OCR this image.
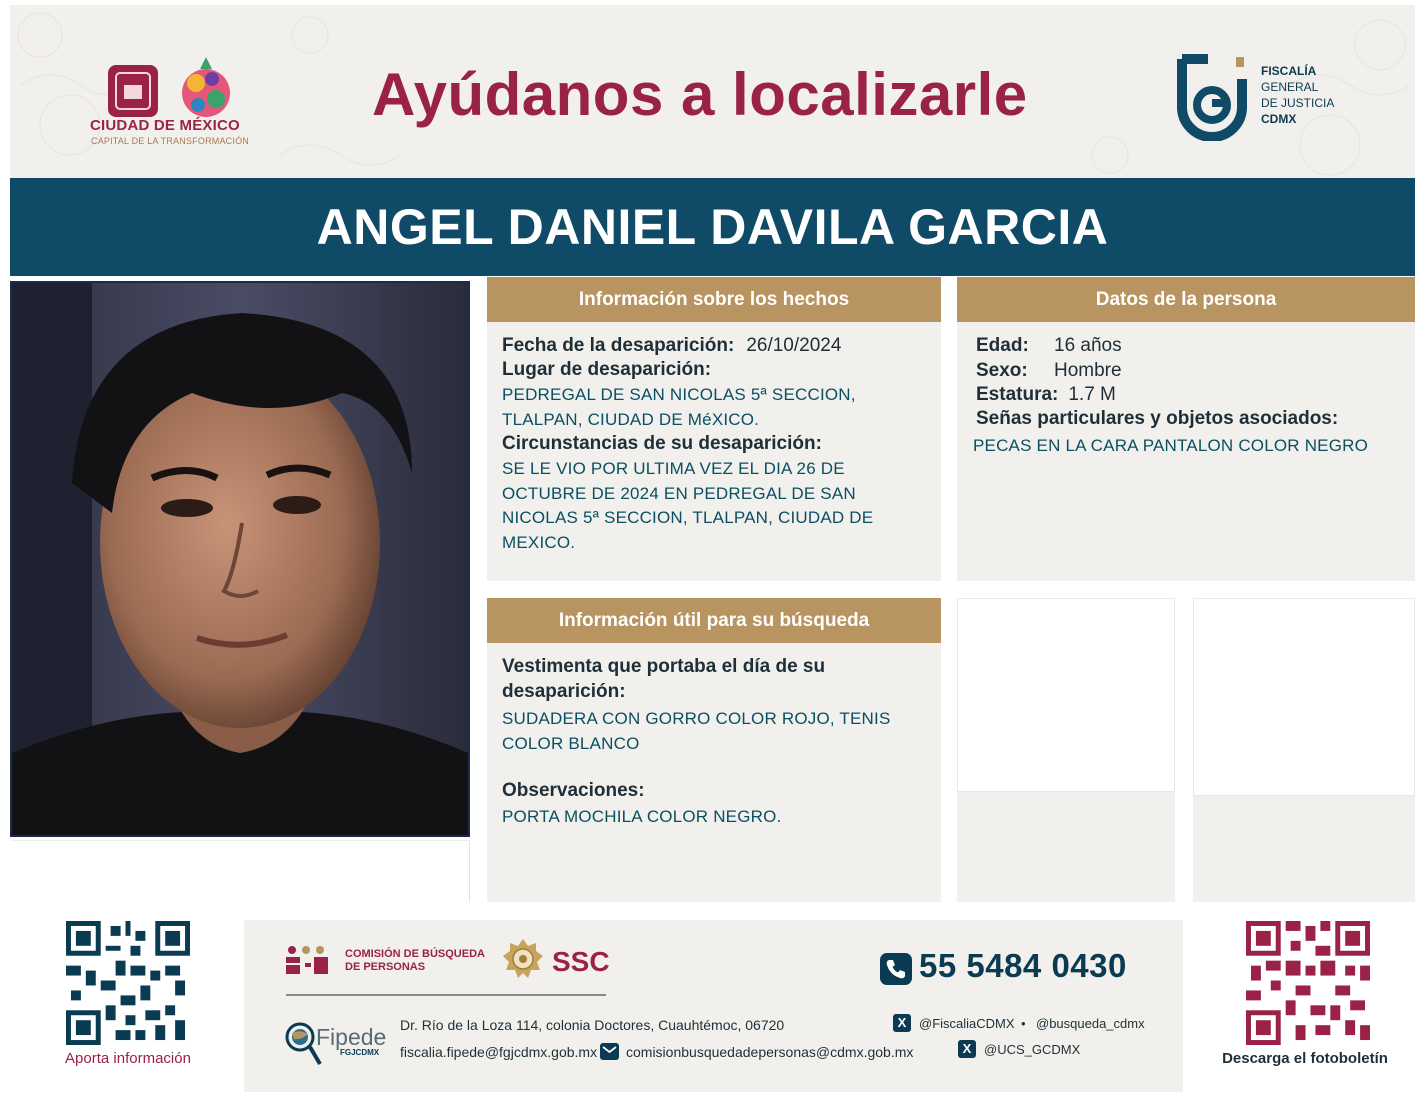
CIUDAD DE MÉXICO
CAPITAL DE LA TRANSFORMACIÓN
Ayúdanos a localizarle	FISCALÍA
GENERAL
DE JUSTICIA
CDMX
ANGEL DANIEL DAVILA GARCIA
Información sobre los hechos
Fecha de la desaparición: 26/10/2024
Lugar de desaparición:
PEDREGAL DE SAN NICOLAS 5ª SECCION, TLALPAN, CIUDAD DE MéXICO.
Circunstancias de su desaparición:
SE LE VIO POR ULTIMA VEZ EL DIA 26 DE OCTUBRE DE 2024 EN PEDREGAL DE SAN NICOLAS 5ª SECCION, TLALPAN, CIUDAD DE MEXICO.
Datos de la persona
Edad:	16 años
Sexo:	Hombre
Estatura: 1.7 M
Señas particulares y objetos asociados:
PECAS EN LA CARA PANTALON COLOR NEGRO
Información útil para su búsqueda
Vestimenta que portaba el día de su desaparición:
SUDADERA CON GORRO COLOR ROJO, TENIS COLOR BLANCO
Observaciones:
PORTA MOCHILA COLOR NEGRO.
Aporta información
COMISIÓN DE BÚSQUEDA
DE PERSONAS	SSC	55 5484 0430
Fipede
FGJCDMX
Dr. Río de la Loza 114, colonia Doctores, Cuauhtémoc, 06720
fiscalia.fipede@fgjcdmx.gob.mx comisionbusquedadepersonas@cdmx.gob.mx
X @FiscaliaCDMX • @busqueda_cdmx
X @UCS_GCDMX
Descarga el fotoboletín
